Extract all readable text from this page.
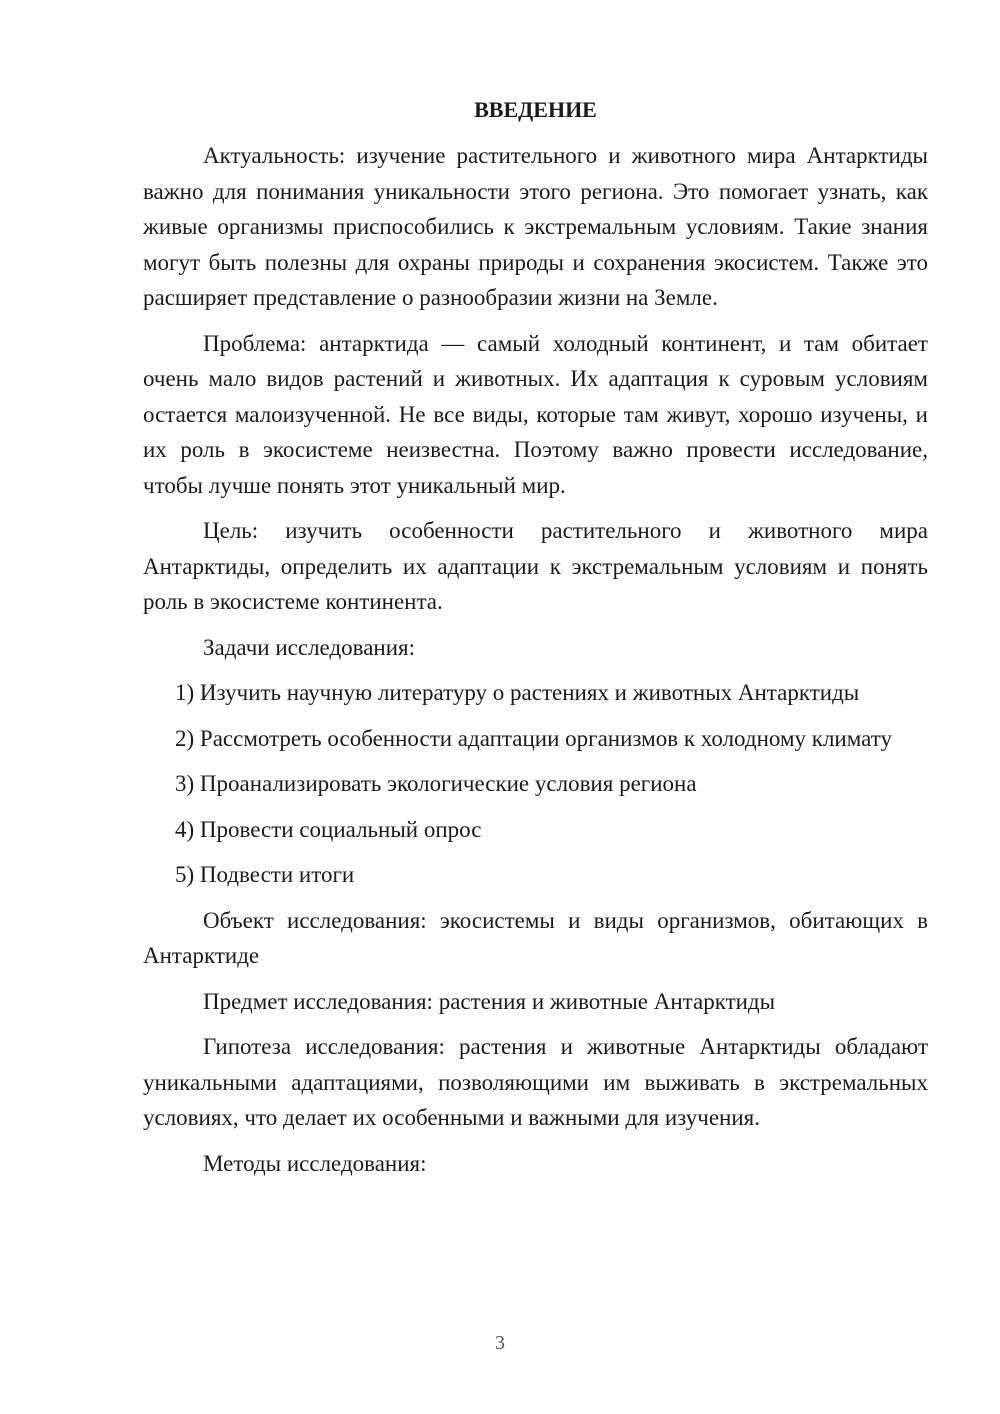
ВВЕДЕНИЕ

Актуальность: изучение растительного и животного мира Антарктиды важно для понимания уникальности этого региона. Это помогает узнать, как живые организмы приспособились к экстремальным условиям. Такие знания могут быть полезны для охраны природы и сохранения экосистем. Также это расширяет представление о разнообразии жизни на Земле.

Проблема: антарктида — самый холодный континент, и там обитает очень мало видов растений и животных. Их адаптация к суровым условиям остается малоизученной. Не все виды, которые там живут, хорошо изучены, и их роль в экосистеме неизвестна. Поэтому важно провести исследование, чтобы лучше понять этот уникальный мир.

Цель: изучить особенности растительного и животного мира Антарктиды, определить их адаптации к экстремальным условиям и понять роль в экосистеме континента.

Задачи исследования:

1) Изучить научную литературу о растениях и животных Антарктиды

2) Рассмотреть особенности адаптации организмов к холодному климату

3) Проанализировать экологические условия региона

4) Провести социальный опрос

5) Подвести итоги

Объект исследования: экосистемы и виды организмов, обитающих в Антарктиде

Предмет исследования: растения и животные Антарктиды

Гипотеза исследования: растения и животные Антарктиды обладают уникальными адаптациями, позволяющими им выживать в экстремальных условиях, что делает их особенными и важными для изучения.

Методы исследования:

3
